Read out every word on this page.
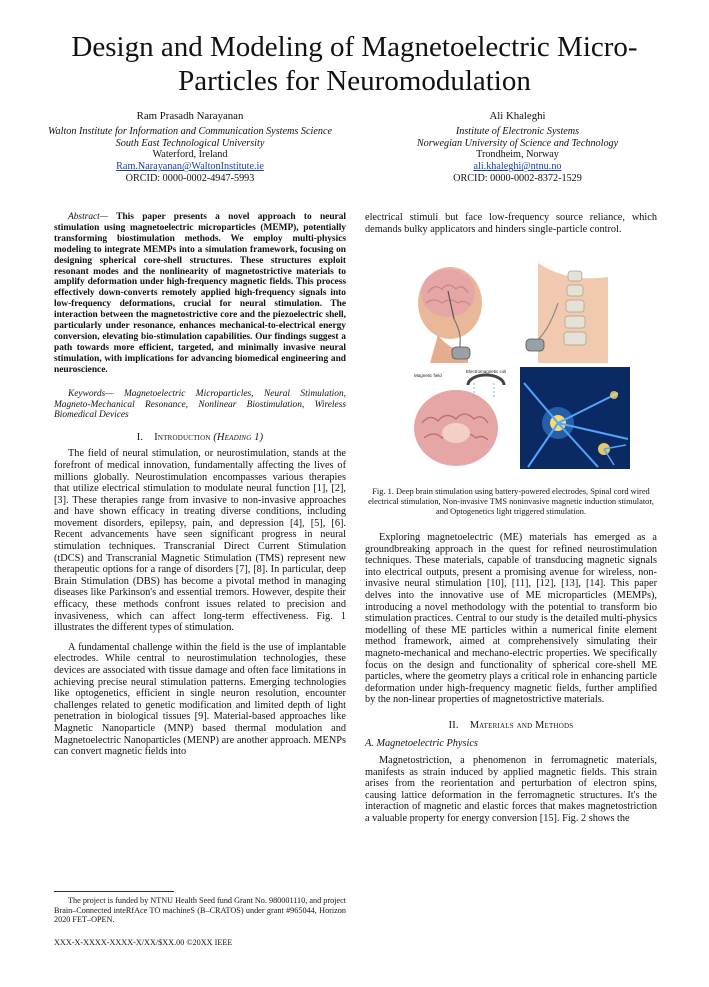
Design and Modeling of Magnetoelectric Micro-Particles for Neuromodulation
Ram Prasadh Narayanan
Walton Institute for Information and Communication Systems Science
South East Technological University
Waterford, Ireland
Ram.Narayanan@WaltonInstitute.ie
ORCID: 0000-0002-4947-5993
Ali Khaleghi
Institute of Electronic Systems
Norwegian University of Science and Technology
Trondheim, Norway
ali.khaleghi@ntnu.no
ORCID: 0000-0002-8372-1529
Abstract— This paper presents a novel approach to neural stimulation using magnetoelectric microparticles (MEMP), potentially transforming biostimulation methods. We employ multi-physics modeling to integrate MEMPs into a simulation framework, focusing on designing spherical core-shell structures. These structures exploit resonant modes and the nonlinearity of magnetostrictive materials to amplify deformation under high-frequency magnetic fields. This process effectively down-converts remotely applied high-frequency signals into low-frequency deformations, crucial for neural stimulation. The interaction between the magnetostrictive core and the piezoelectric shell, particularly under resonance, enhances mechanical-to-electrical energy conversion, elevating bio-stimulation capabilities. Our findings suggest a path towards more efficient, targeted, and minimally invasive neural stimulation, with implications for advancing biomedical engineering and neuroscience.
Keywords— Magnetoelectric Microparticles, Neural Stimulation, Magneto-Mechanical Resonance, Nonlinear Biostimulation, Wireless Biomedical Devices
I. Introduction (Heading 1)

The field of neural stimulation, or neurostimulation, stands at the forefront of medical innovation, fundamentally affecting the lives of millions globally. Neurostimulation encompasses various therapies that utilize electrical stimulation to modulate neural function [1], [2], [3]. These therapies range from invasive to non-invasive approaches and have shown efficacy in treating diverse conditions, including movement disorders, epilepsy, pain, and depression [4], [5], [6]. Recent advancements have seen significant progress in neural stimulation techniques. Transcranial Direct Current Stimulation (tDCS) and Transcranial Magnetic Stimulation (TMS) represent new therapeutic options for a range of disorders [7], [8]. In particular, deep Brain Stimulation (DBS) has become a pivotal method in managing diseases like Parkinson's and essential tremors. However, despite their efficacy, these methods confront issues related to precision and invasiveness, which can affect long-term effectiveness. Fig. 1 illustrates the different types of stimulation.

A fundamental challenge within the field is the use of implantable electrodes. While central to neurostimulation technologies, these devices are associated with tissue damage and often face limitations in achieving precise neural stimulation patterns. Emerging technologies like optogenetics, efficient in single neuron resolution, encounter challenges related to genetic modification and limited depth of light penetration in biological tissues [9]. Material-based approaches like Magnetic Nanoparticle (MNP) based thermal modulation and Magnetoelectric Nanoparticles (MENP) are another approach. MENPs can convert magnetic fields into

The project is funded by NTNU Health Seed fund Grant No. 980001110, and project Brain–Connected inteRfAce TO machineS (B–CRATOS) under grant #965044, Horizon 2020 FET–OPEN.
XXX-X-XXXX-XXXX-X/XX/$XX.00 ©20XX IEEE

electrical stimuli but face low-frequency source reliance, which demands bulky applicators and hinders single-particle control.

Magnetic field
Electromagnetic coil
Fig. 1. Deep brain stimulation using battery-powered electrodes, Spinal cord wired electrical stimulation, Non-invasive TMS noninvasive magnetic induction stimulator, and Optogenetics light triggered stimulation.

Exploring magnetoelectric (ME) materials has emerged as a groundbreaking approach in the quest for refined neurostimulation techniques. These materials, capable of transducing magnetic signals into electrical outputs, present a promising avenue for wireless, non-invasive neural stimulation [10], [11], [12], [13], [14]. This paper delves into the innovative use of ME microparticles (MEMPs), introducing a novel methodology with the potential to transform bio stimulation practices. Central to our study is the detailed multi-physics modelling of these ME particles within a numerical finite element method framework, aimed at comprehensively simulating their magneto-mechanical and mechano-electric properties. We specifically focus on the design and functionality of spherical core-shell ME particles, where the geometry plays a critical role in enhancing particle deformation under high-frequency magnetic fields, further amplified by the non-linear properties of magnetostrictive materials.

II. Materials and Methods
A. Magnetoelectric Physics

Magnetostriction, a phenomenon in ferromagnetic materials, manifests as strain induced by applied magnetic fields. This strain arises from the reorientation and perturbation of electron spins, causing lattice deformation in the ferromagnetic structures. It's the interaction of magnetic and elastic forces that makes magnetostriction a valuable property for energy conversion [15]. Fig. 2 shows the
